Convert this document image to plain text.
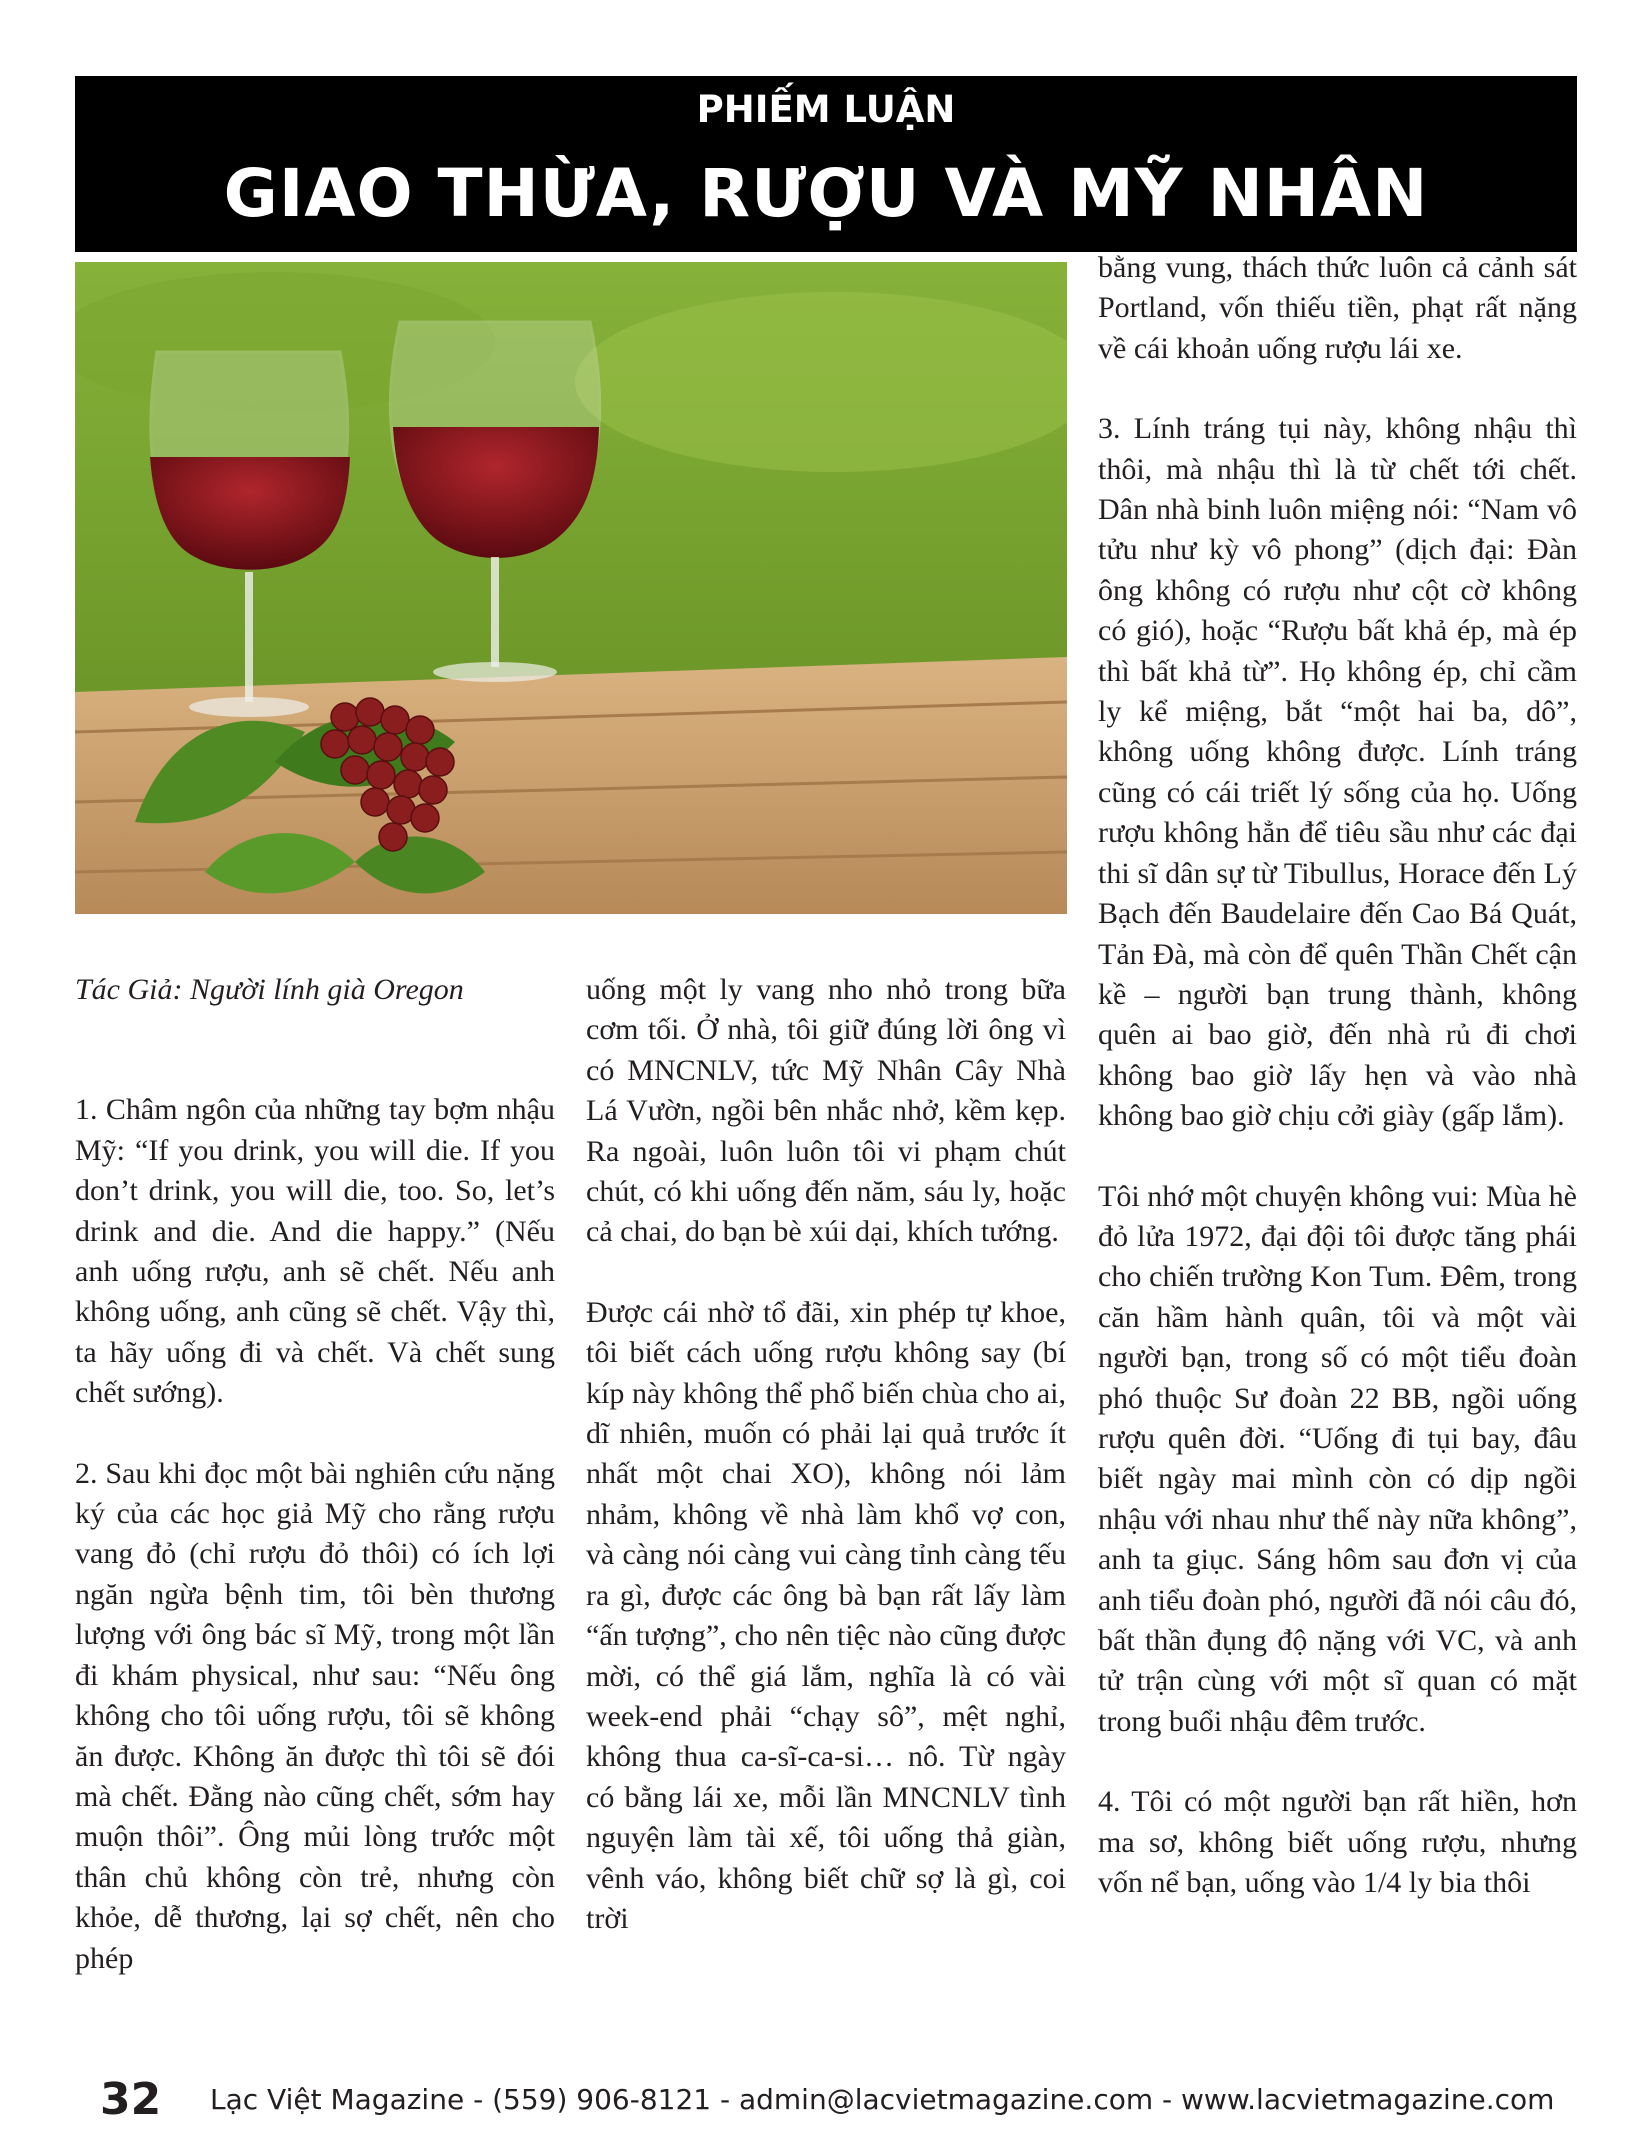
PHIẾM LUẬN
GIAO THỪA, RƯỢU VÀ MỸ NHÂN

Tác Giả: Người lính già Oregon

1. Châm ngôn của những tay bợm nhậu Mỹ: “If you drink, you will die. If you don’t drink, you will die, too. So, let’s drink and die. And die happy.” (Nếu anh uống rượu, anh sẽ chết. Nếu anh không uống, anh cũng sẽ chết. Vậy thì, ta hãy uống đi và chết. Và chết sung chết sướng).

2. Sau khi đọc một bài nghiên cứu nặng ký của các học giả Mỹ cho rằng rượu vang đỏ (chỉ rượu đỏ thôi) có ích lợi ngăn ngừa bệnh tim, tôi bèn thương lượng với ông bác sĩ Mỹ, trong một lần đi khám physical, như sau: “Nếu ông không cho tôi uống rượu, tôi sẽ không ăn được. Không ăn được thì tôi sẽ đói mà chết. Đằng nào cũng chết, sớm hay muộn thôi”. Ông mủi lòng trước một thân chủ không còn trẻ, nhưng còn khỏe, dễ thương, lại sợ chết, nên cho phép

uống một ly vang nho nhỏ trong bữa cơm tối. Ở nhà, tôi giữ đúng lời ông vì có MNCNLV, tức Mỹ Nhân Cây Nhà Lá Vườn, ngồi bên nhắc nhở, kềm kẹp. Ra ngoài, luôn luôn tôi vi phạm chút chút, có khi uống đến năm, sáu ly, hoặc cả chai, do bạn bè xúi dại, khích tướng.

Được cái nhờ tổ đãi, xin phép tự khoe, tôi biết cách uống rượu không say (bí kíp này không thể phổ biến chùa cho ai, dĩ nhiên, muốn có phải lại quả trước ít nhất một chai XO), không nói lảm nhảm, không về nhà làm khổ vợ con, và càng nói càng vui càng tỉnh càng tếu ra gì, được các ông bà bạn rất lấy làm “ấn tượng”, cho nên tiệc nào cũng được mời, có thể giá lắm, nghĩa là có vài week-end phải “chạy sô”, mệt nghỉ, không thua ca-sĩ-ca-si… nô. Từ ngày có bằng lái xe, mỗi lần MNCNLV tình nguyện làm tài xế, tôi uống thả giàn, vênh váo, không biết chữ sợ là gì, coi trời

bằng vung, thách thức luôn cả cảnh sát Portland, vốn thiếu tiền, phạt rất nặng về cái khoản uống rượu lái xe.

3. Lính tráng tụi này, không nhậu thì thôi, mà nhậu thì là từ chết tới chết. Dân nhà binh luôn miệng nói: “Nam vô tửu như kỳ vô phong” (dịch đại: Đàn ông không có rượu như cột cờ không có gió), hoặc “Rượu bất khả ép, mà ép thì bất khả từ”. Họ không ép, chỉ cầm ly kể miệng, bắt “một hai ba, dô”, không uống không được. Lính tráng cũng có cái triết lý sống của họ. Uống rượu không hẳn để tiêu sầu như các đại thi sĩ dân sự từ Tibullus, Horace đến Lý Bạch đến Baudelaire đến Cao Bá Quát, Tản Đà, mà còn để quên Thần Chết cận kề – người bạn trung thành, không quên ai bao giờ, đến nhà rủ đi chơi không bao giờ lấy hẹn và vào nhà không bao giờ chịu cởi giày (gấp lắm).

Tôi nhớ một chuyện không vui: Mùa hè đỏ lửa 1972, đại đội tôi được tăng phái cho chiến trường Kon Tum. Đêm, trong căn hầm hành quân, tôi và một vài người bạn, trong số có một tiểu đoàn phó thuộc Sư đoàn 22 BB, ngồi uống rượu quên đời. “Uống đi tụi bay, đâu biết ngày mai mình còn có dịp ngồi nhậu với nhau như thế này nữa không”, anh ta giục. Sáng hôm sau đơn vị của anh tiểu đoàn phó, người đã nói câu đó, bất thần đụng độ nặng với VC, và anh tử trận cùng với một sĩ quan có mặt trong buổi nhậu đêm trước.

4. Tôi có một người bạn rất hiền, hơn ma sơ, không biết uống rượu, nhưng vốn nể bạn, uống vào 1/4 ly bia thôi

32 Lạc Việt Magazine - (559) 906-8121 - admin@lacvietmagazine.com - www.lacvietmagazine.com
